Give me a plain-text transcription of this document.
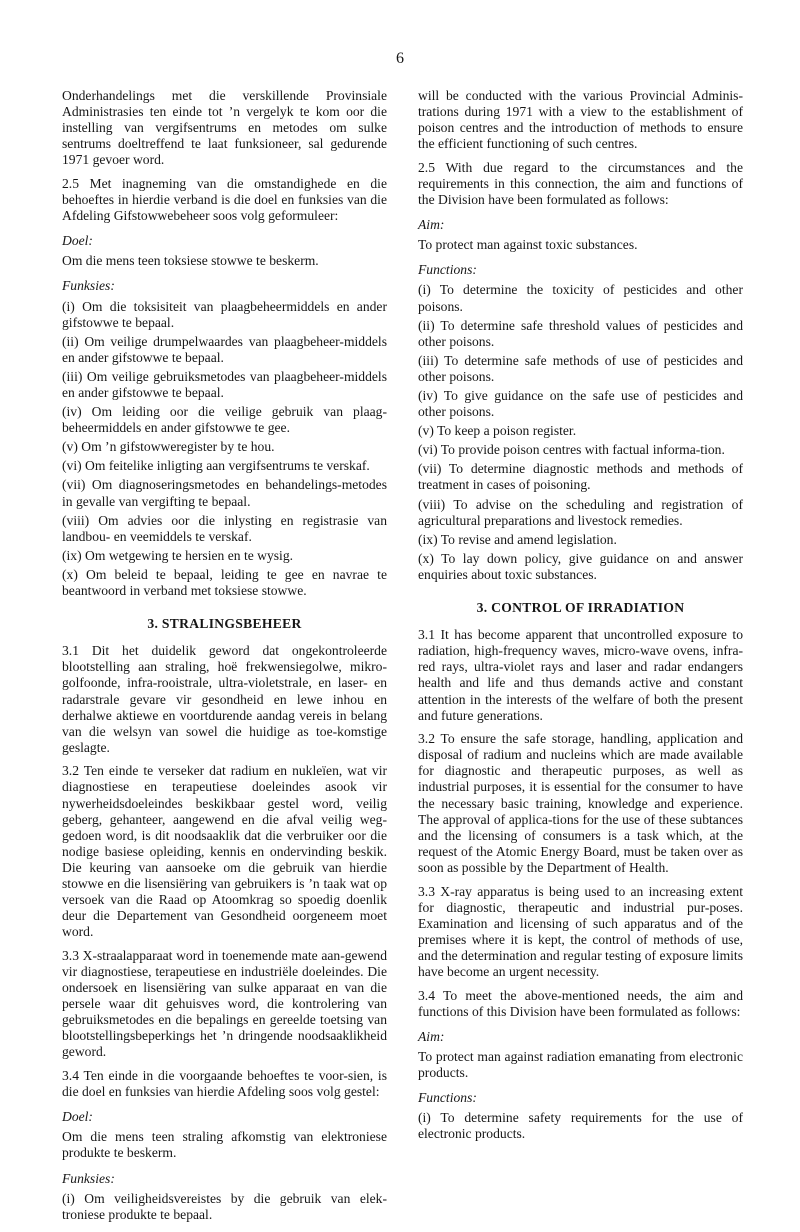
6

Onderhandelings met die verskillende Provinsiale Administrasies ten einde tot ’n vergelyk te kom oor die instelling van vergifsentrums en metodes om sulke sentrums doeltreffend te laat funksioneer, sal gedurende 1971 gevoer word.

2.5 Met inagneming van die omstandighede en die behoeftes in hierdie verband is die doel en funksies van die Afdeling Gifstowwebeheer soos volg geformuleer:

Doel:

Om die mens teen toksiese stowwe te beskerm.

Funksies:

(i) Om die toksisiteit van plaagbeheermiddels en ander gifstowwe te bepaal.

(ii) Om veilige drumpelwaardes van plaagbeheer-middels en ander gifstowwe te bepaal.

(iii) Om veilige gebruiksmetodes van plaagbeheer-middels en ander gifstowwe te bepaal.

(iv) Om leiding oor die veilige gebruik van plaag-beheermiddels en ander gifstowwe te gee.

(v) Om ’n gifstowweregister by te hou.

(vi) Om feitelike inligting aan vergifsentrums te verskaf.

(vii) Om diagnoseringsmetodes en behandelings-metodes in gevalle van vergifting te bepaal.

(viii) Om advies oor die inlysting en registrasie van landbou- en veemiddels te verskaf.

(ix) Om wetgewing te hersien en te wysig.

(x) Om beleid te bepaal, leiding te gee en navrae te beantwoord in verband met toksiese stowwe.

3. STRALINGSBEHEER

3.1 Dit het duidelik geword dat ongekontroleerde blootstelling aan straling, hoë frekwensiegolwe, mikro-golfoonde, infra-rooistrale, ultra-violetstrale, en laser- en radarstrale gevare vir gesondheid en lewe inhou en derhalwe aktiewe en voortdurende aandag vereis in belang van die welsyn van sowel die huidige as toe-komstige geslagte.

3.2 Ten einde te verseker dat radium en nukleïen, wat vir diagnostiese en terapeutiese doeleindes asook vir nywerheidsdoeleindes beskikbaar gestel word, veilig geberg, gehanteer, aangewend en die afval veilig weg-gedoen word, is dit noodsaaklik dat die verbruiker oor die nodige basiese opleiding, kennis en ondervinding beskik. Die keuring van aansoeke om die gebruik van hierdie stowwe en die lisensiëring van gebruikers is ’n taak wat op versoek van die Raad op Atoomkrag so spoedig doenlik deur die Departement van Gesondheid oorgeneem moet word.

3.3 X-straalapparaat word in toenemende mate aan-gewend vir diagnostiese, terapeutiese en industriële doeleindes. Die ondersoek en lisensiëring van sulke apparaat en van die persele waar dit gehuisves word, die kontrolering van gebruiksmetodes en die bepalings en gereelde toetsing van blootstellingsbeperkings het ’n dringende noodsaaklikheid geword.

3.4 Ten einde in die voorgaande behoeftes te voor-sien, is die doel en funksies van hierdie Afdeling soos volg gestel:

Doel:

Om die mens teen straling afkomstig van elektroniese produkte te beskerm.

Funksies:

(i) Om veiligheidsvereistes by die gebruik van elek-troniese produkte te bepaal.

will be conducted with the various Provincial Adminis-trations during 1971 with a view to the establishment of poison centres and the introduction of methods to ensure the efficient functioning of such centres.

2.5 With due regard to the circumstances and the requirements in this connection, the aim and functions of the Division have been formulated as follows:

Aim:

To protect man against toxic substances.

Functions:

(i) To determine the toxicity of pesticides and other poisons.

(ii) To determine safe threshold values of pesticides and other poisons.

(iii) To determine safe methods of use of pesticides and other poisons.

(iv) To give guidance on the safe use of pesticides and other poisons.

(v) To keep a poison register.

(vi) To provide poison centres with factual informa-tion.

(vii) To determine diagnostic methods and methods of treatment in cases of poisoning.

(viii) To advise on the scheduling and registration of agricultural preparations and livestock remedies.

(ix) To revise and amend legislation.

(x) To lay down policy, give guidance on and answer enquiries about toxic substances.

3. CONTROL OF IRRADIATION

3.1 It has become apparent that uncontrolled exposure to radiation, high-frequency waves, micro-wave ovens, infra-red rays, ultra-violet rays and laser and radar endangers health and life and thus demands active and constant attention in the interests of the welfare of both the present and future generations.

3.2 To ensure the safe storage, handling, application and disposal of radium and nucleins which are made available for diagnostic and therapeutic purposes, as well as industrial purposes, it is essential for the consumer to have the necessary basic training, knowledge and experience. The approval of applica-tions for the use of these subtances and the licensing of consumers is a task which, at the request of the Atomic Energy Board, must be taken over as soon as possible by the Department of Health.

3.3 X-ray apparatus is being used to an increasing extent for diagnostic, therapeutic and industrial pur-poses. Examination and licensing of such apparatus and of the premises where it is kept, the control of methods of use, and the determination and regular testing of exposure limits have become an urgent necessity.

3.4 To meet the above-mentioned needs, the aim and functions of this Division have been formulated as follows:

Aim:

To protect man against radiation emanating from electronic products.

Functions:

(i) To determine safety requirements for the use of electronic products.
